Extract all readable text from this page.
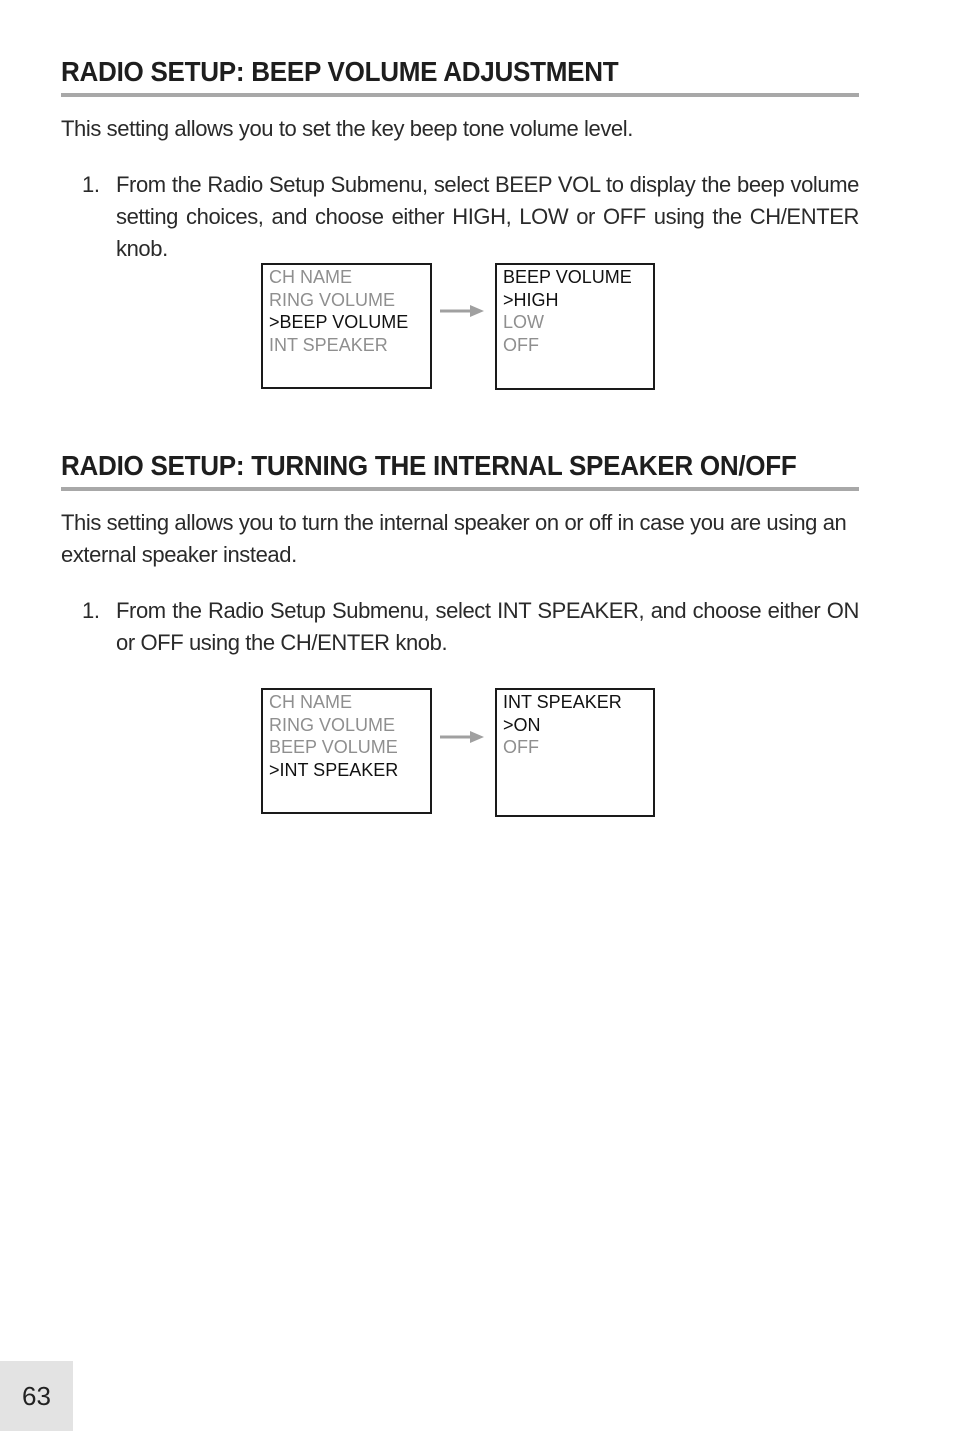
RADIO SETUP: BEEP VOLUME ADJUSTMENT

This setting allows you to set the key beep tone volume level.

1. From the Radio Setup Submenu, select BEEP VOL to display the beep volume setting choices, and choose either HIGH, LOW or OFF using the CH/ENTER knob.
CH NAME
RING VOLUME
>BEEP VOLUME
INT SPEAKER
BEEP VOLUME
>HIGH
LOW
OFF
RADIO SETUP: TURNING THE INTERNAL SPEAKER ON/OFF

This setting allows you to turn the internal speaker on or off in case you are using an external speaker instead.

1. From the Radio Setup Submenu, select INT SPEAKER, and choose either ON or OFF using the CH/ENTER knob.
CH NAME
RING VOLUME
BEEP VOLUME
>INT SPEAKER
INT SPEAKER
>ON
OFF
63
